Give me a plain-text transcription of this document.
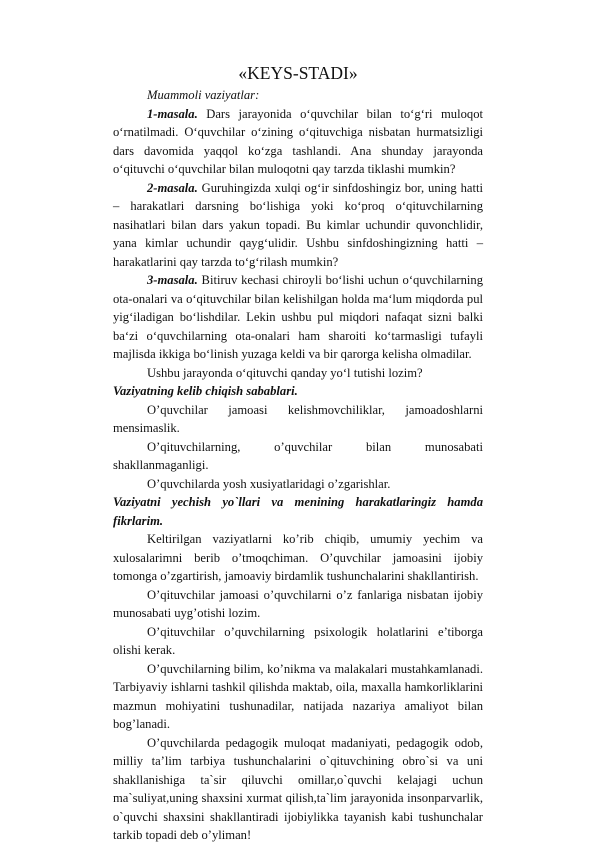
«KEYS-STADI»

Muammoli vaziyatlar:

1-masala. Dars jarayonida o‘quvchilar bilan to‘g‘ri muloqot o‘rnatilmadi. O‘quvchilar o‘zining o‘qituvchiga nisbatan hurmatsizligi dars davomida yaqqol ko‘zga tashlandi. Ana shunday jarayonda o‘qituvchi o‘quvchilar bilan muloqotni qay tarzda tiklashi mumkin?

2-masala. Guruhingizda xulqi og‘ir sinfdoshingiz bor, uning hatti – harakatlari darsning bo‘lishiga yoki ko‘proq o‘qituvchilarning nasihatlari bilan dars yakun topadi. Bu kimlar uchundir quvonchlidir, yana kimlar uchundir qayg‘ulidir. Ushbu sinfdoshingizning hatti – harakatlarini qay tarzda to‘g‘rilash mumkin?

3-masala. Bitiruv kechasi chiroyli bo‘lishi uchun o‘quvchilarning ota-onalari va o‘qituvchilar bilan kelishilgan holda ma‘lum miqdorda pul yig‘iladigan bo‘lishdilar. Lekin ushbu pul miqdori nafaqat sizni balki ba‘zi o‘quvchilarning ota-onalari ham sharoiti ko‘tarmasligi tufayli majlisda ikkiga bo‘linish yuzaga keldi va bir qarorga kelisha olmadilar.

Ushbu jarayonda o‘qituvchi qanday yo‘l tutishi lozim?

Vaziyatning kelib chiqish sabablari.

O’quvchilar jamoasi kelishmovchiliklar, jamoadoshlarni mensimaslik.

O’qituvchilarning, o’quvchilar bilan munosabati shakllanmaganligi.

O’quvchilarda yosh xusiyatlaridagi o’zgarishlar.

Vaziyatni yechish yo`llari va menining harakatlaringiz hamda fikrlarim.

Keltirilgan vaziyatlarni ko’rib chiqib, umumiy yechim va xulosalarimni berib o’tmoqchiman. O’quvchilar jamoasini ijobiy tomonga o’zgartirish, jamoaviy birdamlik tushunchalarini shakllantirish.

O’qituvchilar jamoasi o’quvchilarni o’z fanlariga nisbatan ijobiy munosabati uyg’otishi lozim.

O’qituvchilar o’quvchilarning psixologik holatlarini e’tiborga olishi kerak.

O’quvchilarning bilim, ko’nikma va malakalari mustahkamlanadi. Tarbiyaviy ishlarni tashkil qilishda maktab, oila, maxalla hamkorliklarini mazmun mohiyatini tushunadilar, natijada nazariya amaliyot bilan bog’lanadi.

O’quvchilarda pedagogik muloqat madaniyati, pedagogik odob, milliy ta’lim tarbiya tushunchalarini o`qituvchining obro`si va uni shakllanishiga ta`sir qiluvchi omillar,o`quvchi kelajagi uchun ma`suliyat,uning shaxsini xurmat qilish,ta`lim jarayonida insonparvarlik, o`quvchi shaxsini shakllantiradi ijobiylikka tayanish kabi tushunchalar tarkib topadi deb o’yliman!
